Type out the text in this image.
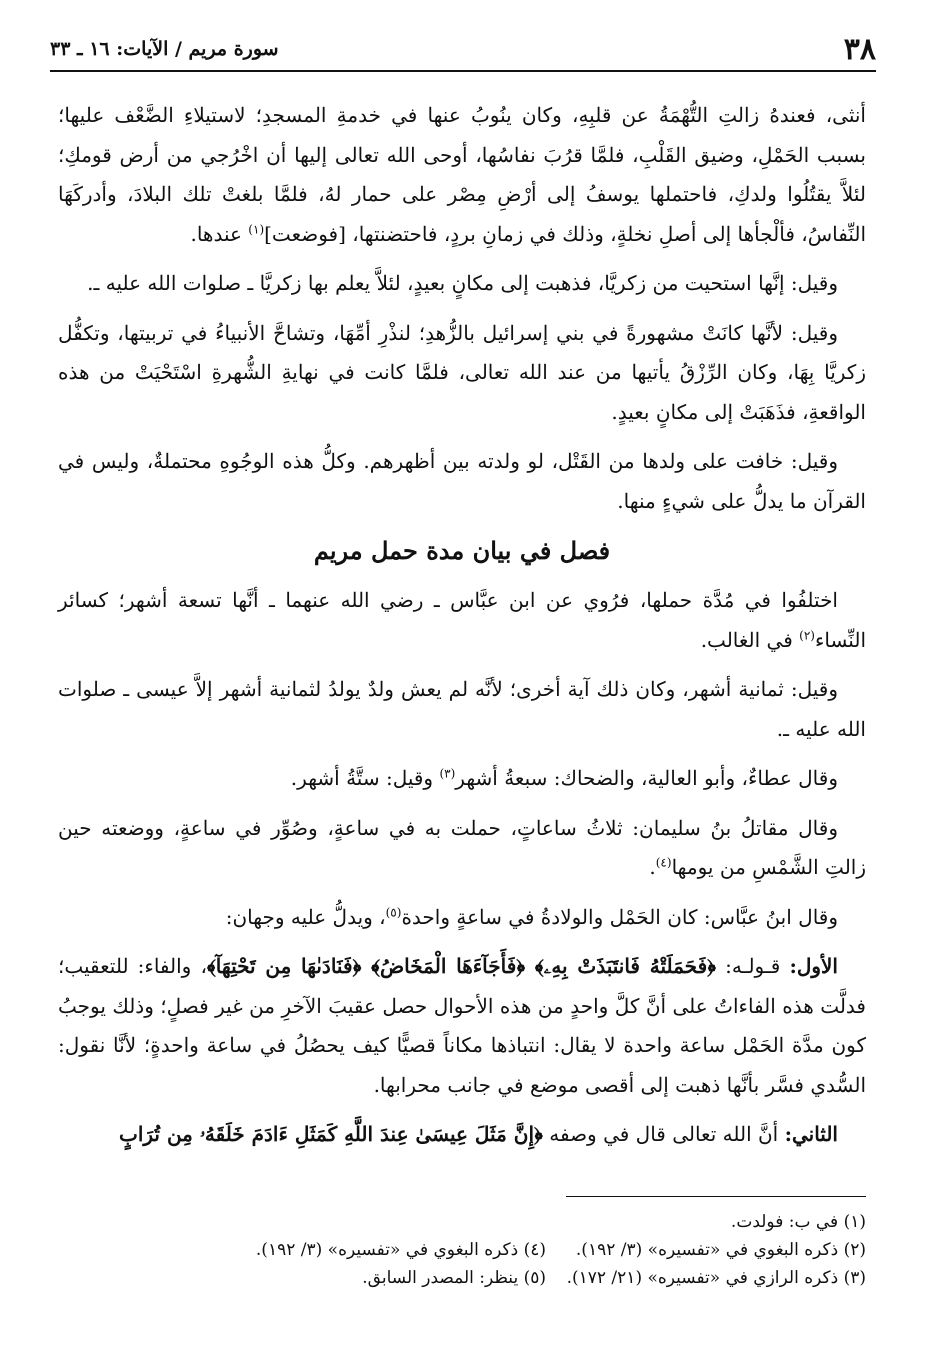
٣٨
سورة مريم / الآيات: ١٦ ـ ٣٣

أنثى، فعندهُ زالتِ التُّهْمَةُ عن قلبِهِ، وكان ينُوبُ عنها في خدمةِ المسجدِ؛ لاستيلاءِ الضَّعْف عليها؛ بسبب الحَمْلِ، وضيق القَلْبِ، فلمَّا قرُبَ نفاسُها، أوحى الله تعالى إليها أن اخْرُجي من أرض قومكِ؛ لئلاَّ يقتُلُوا ولدكِ، فاحتملها يوسفُ إلى أرْضِ مِصْر على حمار لهُ، فلمَّا بلغتْ تلك البلادَ، وأدركَهَا النِّفاسُ، فألْجأها إلى أصلِ نخلةٍ، وذلك في زمانِ بردٍ، فاحتضنتها، [فوضعت]$^{(١)}$ عندها.

وقيل: إنَّها استحيت من زكريَّا، فذهبت إلى مكانٍ بعيدٍ، لئلاَّ يعلم بها زكريَّا ـ صلوات الله عليه ـ.

وقيل: لأنَّها كانَتْ مشهورةً في بني إسرائيل بالزُّهدِ؛ لنذْرِ أمِّهَا، وتشاحَّ الأنبياءُ في تربيتها، وتكفُّل زكريَّا بِهَا، وكان الرِّزْقُ يأتيها من عند الله تعالى، فلمَّا كانت في نهايةِ الشُّهرةِ اسْتَحْيَتْ من هذه الواقعةِ، فذَهَبَتْ إلى مكانٍ بعيدٍ.

وقيل: خافت على ولدها من القَتْل، لو ولدته بين أظهرهم. وكلُّ هذه الوجُوهِ محتملةٌ، وليس في القرآن ما يدلُّ على شيءٍ منها.

فصل في بيان مدة حمل مريم

اختلفُوا في مُدَّة حملها، فرُوي عن ابن عبَّاس ـ رضي الله عنهما ـ أنَّها تسعة أشهر؛ كسائر النِّساء$^{(٢)}$ في الغالب.

وقيل: ثمانية أشهر، وكان ذلك آية أخرى؛ لأنَّه لم يعش ولدٌ يولدُ لثمانية أشهر إلاَّ عيسى ـ صلوات الله عليه ـ.

وقال عطاءٌ، وأبو العالية، والضحاك: سبعةُ أشهر$^{(٣)}$ وقيل: ستَّةُ أشهر.

وقال مقاتلُ بنُ سليمان: ثلاثُ ساعاتٍ، حملت به في ساعةٍ، وصُوِّر في ساعةٍ، ووضعته حين زالتِ الشَّمْسِ من يومها$^{(٤)}$.

وقال ابنُ عبَّاس: كان الحَمْل والولادةُ في ساعةٍ واحدة$^{(٥)}$، ويدلُّ عليه وجهان:

الأول: قـولـه: ﴿فَحَمَلَتْهُ فَانتَبَذَتْ بِهِۦ﴾ ﴿فَأَجَآءَهَا الْمَخَاضُ﴾ ﴿فَنَادَىٰهَا مِن تَحْتِهَآ﴾، والفاء: للتعقيب؛ فدلَّت هذه الفاءاتُ على أنَّ كلَّ واحدٍ من هذه الأحوال حصل عقيبَ الآخرِ من غير فصلٍ؛ وذلك يوجبُ كون مدَّة الحَمْل ساعة واحدة لا يقال: انتباذها مكاناً قصيًّا كيف يحصُلُ في ساعة واحدةٍ؛ لأنَّا نقول: السُّدي فسَّر بأنَّها ذهبت إلى أقصى موضع في جانب محرابها.

الثاني: أنَّ الله تعالى قال في وصفه ﴿إِنَّ مَثَلَ عِيسَىٰ عِندَ اللَّهِ كَمَثَلِ ءَادَمَ خَلَقَهُۥ مِن تُرَابٍ

(١) في ب: فولدت.
(٢) ذكره البغوي في «تفسيره» (٣/ ١٩٢).
(٤) ذكره البغوي في «تفسيره» (٣/ ١٩٢).
(٣) ذكره الرازي في «تفسيره» (٢١/ ١٧٢).
(٥) ينظر: المصدر السابق.
